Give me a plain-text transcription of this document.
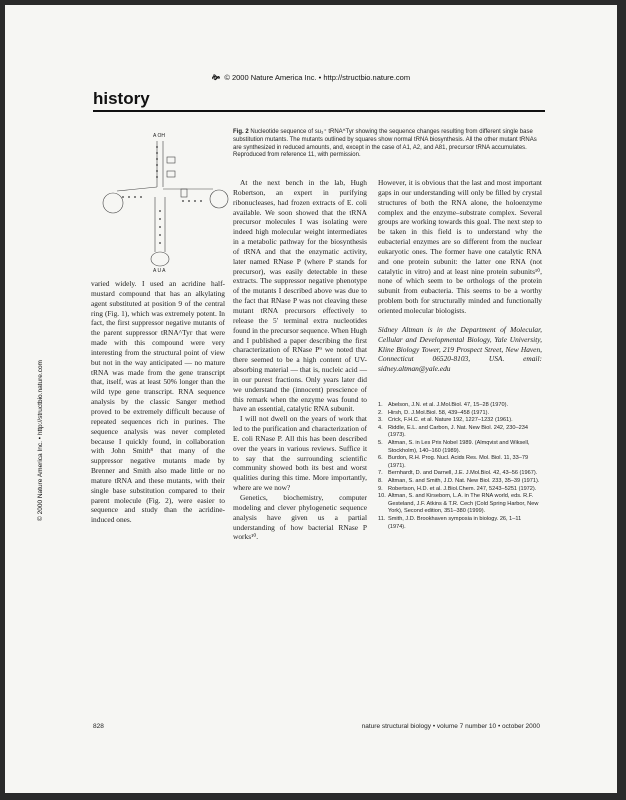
🙞 © 2000 Nature America Inc. • http://structbio.nature.com
history
© 2000 Nature America Inc. • http://structbio.nature.com
A OH
A U A
Fig. 2 Nucleotide sequence of su₃⁺ tRNA^Tyr showing the sequence changes resulting from different single base substitution mutants. The mutants outlined by squares show normal tRNA biosynthesis. All the other mutant tRNAs are synthesized in reduced amounts, and, except in the case of A1, A2, and A81, precursor tRNA accumulates. Reproduced from reference 11, with permission.

varied widely. I used an acridine half-mustard compound that has an alkylating agent substituted at position 9 of the central ring (Fig. 1), which was extremely potent. In fact, the first suppressor negative mutants of the parent suppressor tRNA^Tyr that were made with this compound were very interesting from the structural point of view but not in the way anticipated — no mature tRNA was made from the gene transcript that, itself, was at least 50% longer than the wild type gene transcript. RNA sequence analysis by the classic Sanger method proved to be extremely difficult because of repeated sequences rich in purines. The sequence analysis was never completed because I quickly found, in collaboration with John Smith⁸ that many of the suppressor negative mutants made by Brenner and Smith also made little or no mature tRNA and these mutants, with their single base substitution compared to their parent molecule (Fig. 2), were easier to sequence and study than the acridine-induced ones.

At the next bench in the lab, Hugh Robertson, an expert in purifying ribonucleases, had frozen extracts of E. coli available. We soon showed that the tRNA precursor molecules I was isolating were indeed high molecular weight intermediates in a metabolic pathway for the biosynthesis of tRNA and that the enzymatic activity, later named RNase P (where P stands for precursor), was easily detectable in these extracts. The suppressor negative phenotype of the mutants I described above was due to the fact that RNase P was not cleaving these mutant tRNA precursors effectively to release the 5′ terminal extra nucleotides found in the precursor sequence. When Hugh and I published a paper describing the first characterization of RNase P⁹ we noted that there seemed to be a high content of UV-absorbing material — that is, nucleic acid — in our purest fractions. Only years later did we understand the (innocent) prescience of this remark when the enzyme was found to have an essential, catalytic RNA subunit.

I will not dwell on the years of work that led to the purification and characterization of E. coli RNase P. All this has been described over the years in various reviews. Suffice it to say that the surrounding scientific community showed both its best and worst qualities during this time. More importantly, where are we now?

Genetics, biochemistry, computer modeling and clever phylogenetic sequence analysis have given us a partial understanding of how bacterial RNase P works¹⁰.

However, it is obvious that the last and most important gaps in our understanding will only be filled by crystal structures of both the RNA alone, the holoenzyme complex and the enzyme–substrate complex. Several groups are working towards this goal. The next step to be taken in this field is to understand why the eubacterial enzymes are so different from the nuclear eukaryotic ones. The former have one catalytic RNA and one protein subunit: the latter one RNA (not catalytic in vitro) and at least nine protein subunits¹⁰, none of which seem to be orthologs of the protein subunit from eubacteria. This seems to be a worthy problem both for structurally minded and functionally oriented molecular biologists.

Sidney Altman is in the Department of Molecular, Cellular and Developmental Biology, Yale University, Kline Biology Tower, 219 Prospect Street, New Haven, Connecticut 06520-8103, USA. email: sidney.altman@yale.edu

1. Abelson, J.N. et al. J.Mol.Biol. 47, 15–28 (1970).
2. Hirsh, D. J.Mol.Biol. 58, 439–458 (1971).
3. Crick, F.H.C. et al. Nature 192, 1227–1232 (1961).
4. Riddle, E.L. and Carbon, J. Nat. New Biol. 242, 230–234 (1973).
5. Altman, S. in Les Prix Nobel 1989. (Almqvist and Wiksell, Stockholm), 140–160 (1989).
6. Burdon, R.H. Prog. Nucl. Acids Res. Mol. Biol. 11, 33–79 (1971).
7. Bernhardt, D. and Darnell, J.E. J.Mol.Biol. 42, 43–56 (1967).
8. Altman, S. and Smith, J.D. Nat. New Biol. 233, 35–39 (1971).
9. Robertson, H.D. et al. J.Biol.Chem. 247, 5243–5251 (1972).
10. Altman, S. and Kirsebom, L.A. in The RNA world, eds. R.F. Gesteland, J.F. Atkins & T.R. Cech (Cold Spring Harbor, New York), Second edition, 351–380 (1999).
11. Smith, J.D. Brookhaven symposia in biology. 26, 1–11 (1974).
828	nature structural biology • volume 7 number 10 • october 2000
